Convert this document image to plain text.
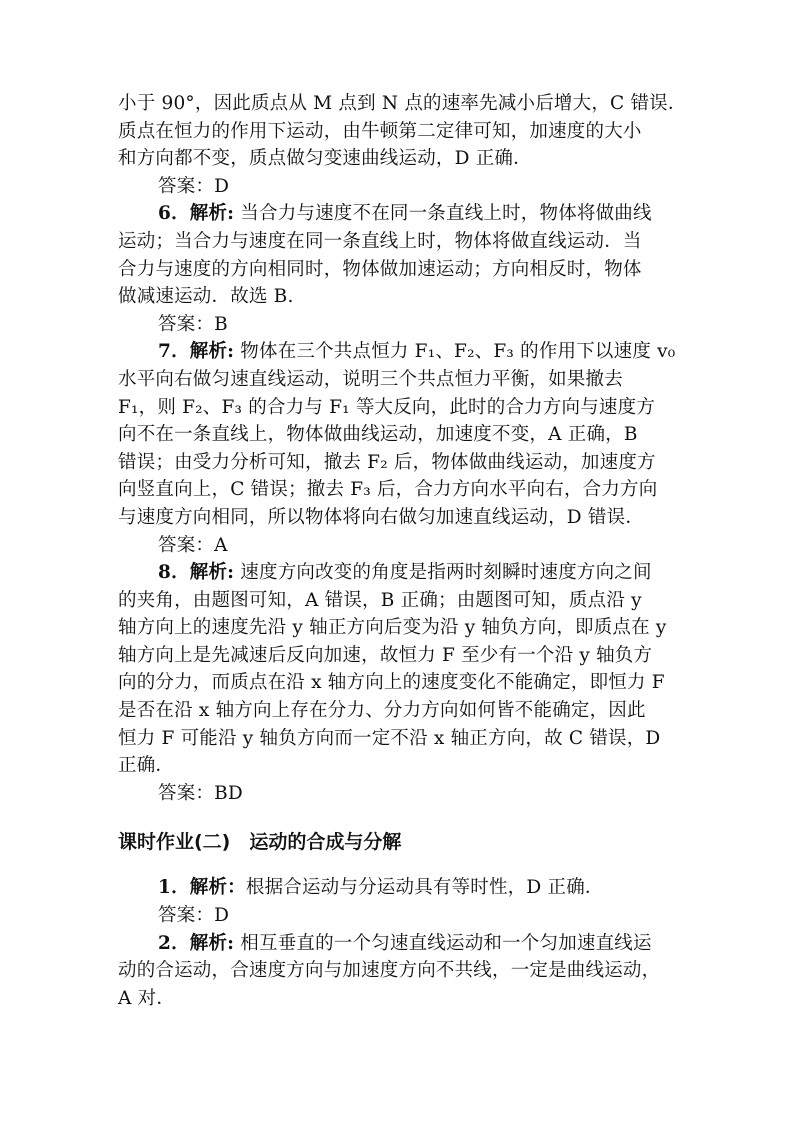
小于 90°，因此质点从 M 点到 N 点的速率先减小后增大，C 错误．
质点在恒力的作用下运动，由牛顿第二定律可知，加速度的大小
和方向都不变，质点做匀变速曲线运动，D 正确．
答案：D
6．解析: 当合力与速度不在同一条直线上时，物体将做曲线
运动；当合力与速度在同一条直线上时，物体将做直线运动．当
合力与速度的方向相同时，物体做加速运动；方向相反时，物体
做减速运动．故选 B.
答案：B
7．解析: 物体在三个共点恒力 F₁、F₂、F₃ 的作用下以速度 v₀
水平向右做匀速直线运动，说明三个共点恒力平衡，如果撤去
F₁，则 F₂、F₃ 的合力与 F₁ 等大反向，此时的合力方向与速度方
向不在一条直线上，物体做曲线运动，加速度不变，A 正确，B
错误；由受力分析可知，撤去 F₂ 后，物体做曲线运动，加速度方
向竖直向上，C 错误；撤去 F₃ 后，合力方向水平向右，合力方向
与速度方向相同，所以物体将向右做匀加速直线运动，D 错误．
答案：A
8．解析: 速度方向改变的角度是指两时刻瞬时速度方向之间
的夹角，由题图可知，A 错误，B 正确；由题图可知，质点沿 y
轴方向上的速度先沿 y 轴正方向后变为沿 y 轴负方向，即质点在 y
轴方向上是先减速后反向加速，故恒力 F 至少有一个沿 y 轴负方
向的分力，而质点在沿 x 轴方向上的速度变化不能确定，即恒力 F
是否在沿 x 轴方向上存在分力、分力方向如何皆不能确定，因此
恒力 F 可能沿 y 轴负方向而一定不沿 x 轴正方向，故 C 错误，D
正确．
答案：BD
课时作业(二)　运动的合成与分解
1．解析：根据合运动与分运动具有等时性，D 正确．
答案：D
2．解析: 相互垂直的一个匀速直线运动和一个匀加速直线运
动的合运动，合速度方向与加速度方向不共线，一定是曲线运动，
A 对．
